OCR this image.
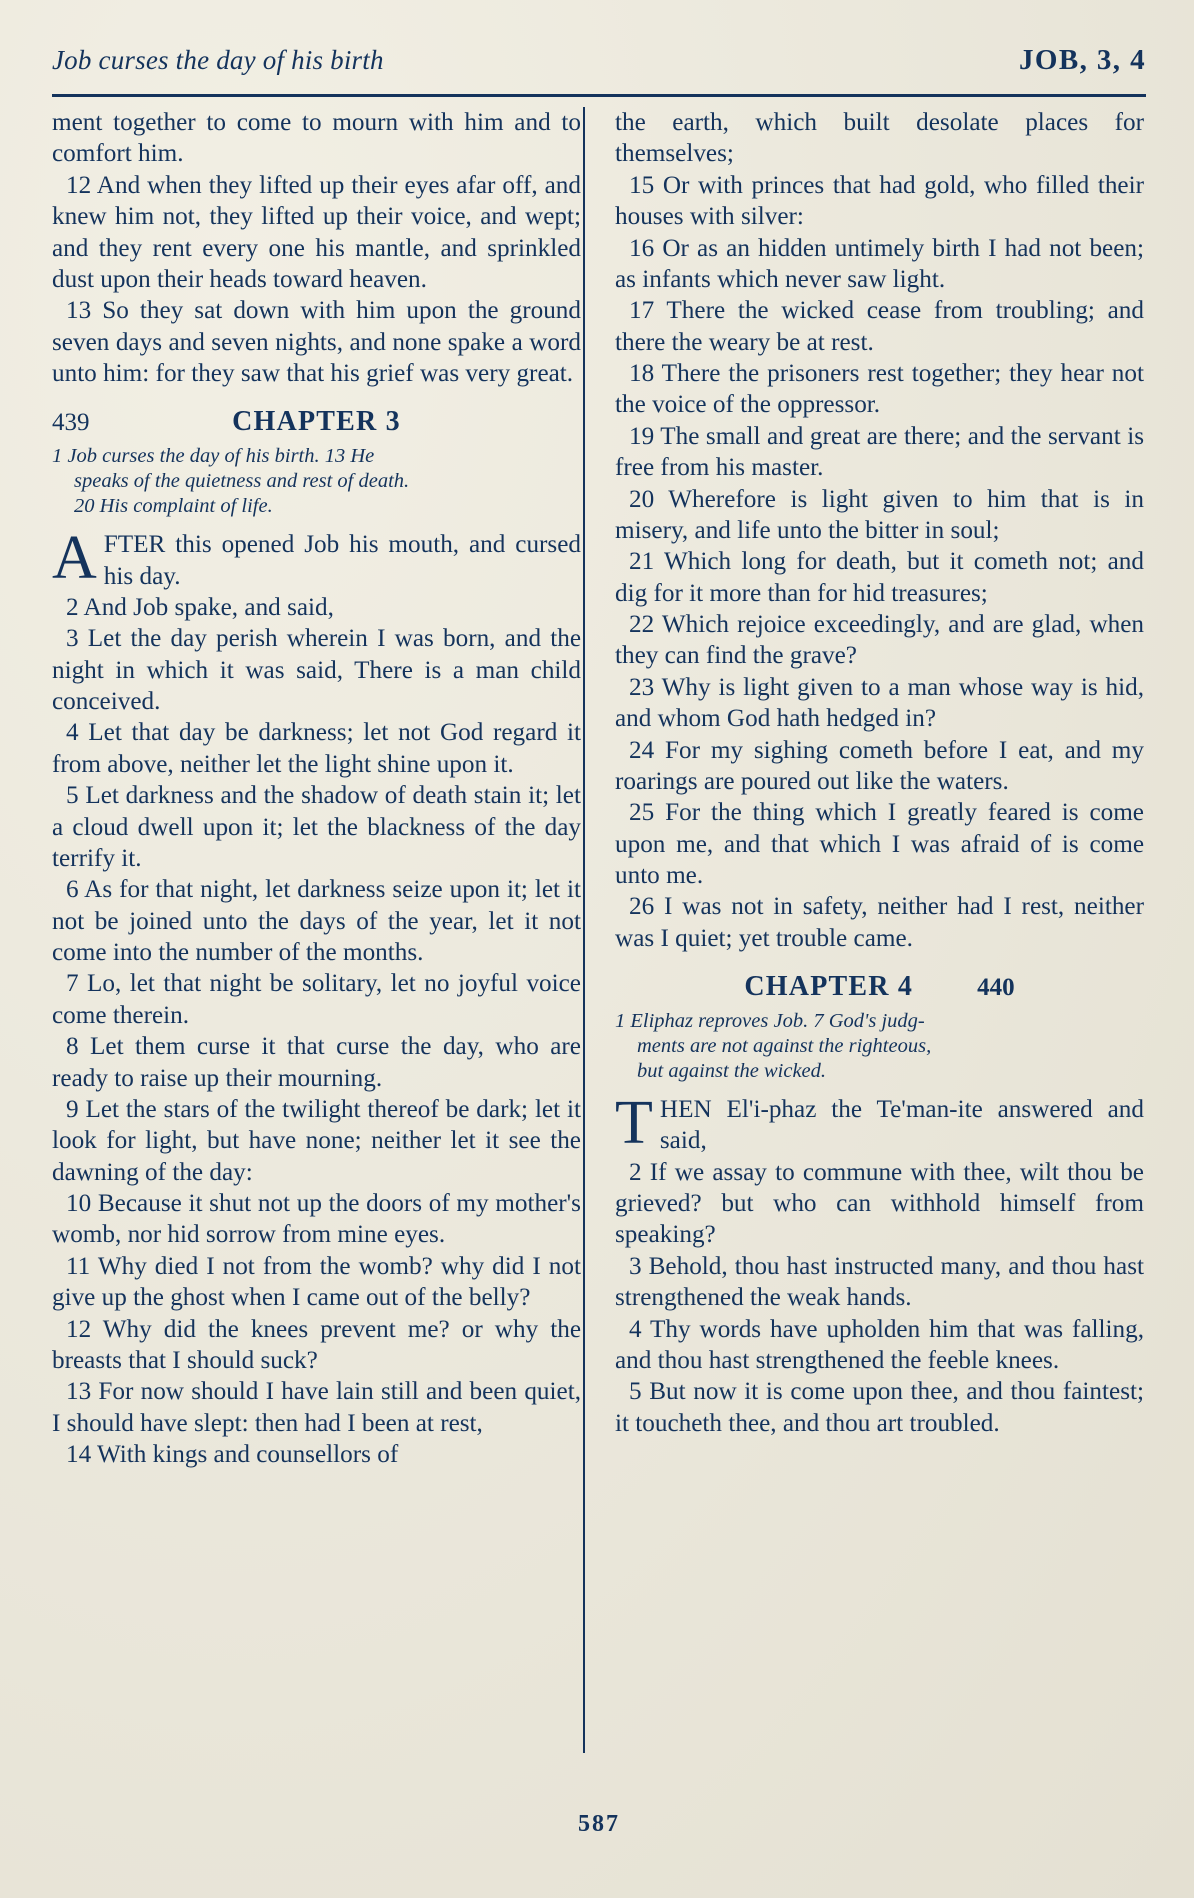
Job curses the day of his birth	JOB, 3, 4

ment together to come to mourn with him and to comfort him.

12 And when they lifted up their eyes afar off, and knew him not, they lifted up their voice, and wept; and they rent every one his mantle, and sprinkled dust upon their heads toward heaven.

13 So they sat down with him upon the ground seven days and seven nights, and none spake a word unto him: for they saw that his grief was very great.

439	CHAPTER 3
1 Job curses the day of his birth. 13 He
speaks of the quietness and rest of death.
20 His complaint of life.
A FTER this opened Job his mouth, and cursed his day.

2 And Job spake, and said,

3 Let the day perish wherein I was born, and the night in which it was said, There is a man child conceived.

4 Let that day be darkness; let not God regard it from above, neither let the light shine upon it.

5 Let darkness and the shadow of death stain it; let a cloud dwell upon it; let the blackness of the day terrify it.

6 As for that night, let darkness seize upon it; let it not be joined unto the days of the year, let it not come into the number of the months.

7 Lo, let that night be solitary, let no joyful voice come therein.

8 Let them curse it that curse the day, who are ready to raise up their mourning.

9 Let the stars of the twilight thereof be dark; let it look for light, but have none; neither let it see the dawning of the day:

10 Because it shut not up the doors of my mother's womb, nor hid sorrow from mine eyes.

11 Why died I not from the womb? why did I not give up the ghost when I came out of the belly?

12 Why did the knees prevent me? or why the breasts that I should suck?

13 For now should I have lain still and been quiet, I should have slept: then had I been at rest,

14 With kings and counsellors of

the earth, which built desolate places for themselves;

15 Or with princes that had gold, who filled their houses with silver:

16 Or as an hidden untimely birth I had not been; as infants which never saw light.

17 There the wicked cease from troubling; and there the weary be at rest.

18 There the prisoners rest together; they hear not the voice of the oppressor.

19 The small and great are there; and the servant is free from his master.

20 Wherefore is light given to him that is in misery, and life unto the bitter in soul;

21 Which long for death, but it cometh not; and dig for it more than for hid treasures;

22 Which rejoice exceedingly, and are glad, when they can find the grave?

23 Why is light given to a man whose way is hid, and whom God hath hedged in?

24 For my sighing cometh before I eat, and my roarings are poured out like the waters.

25 For the thing which I greatly feared is come upon me, and that which I was afraid of is come unto me.

26 I was not in safety, neither had I rest, neither was I quiet; yet trouble came.

CHAPTER 4	440
1 Eliphaz reproves Job. 7 God's judg-
ments are not against the righteous,
but against the wicked.
T HEN El'i-phaz the Te'man-ite answered and said,

2 If we assay to commune with thee, wilt thou be grieved? but who can withhold himself from speaking?

3 Behold, thou hast instructed many, and thou hast strengthened the weak hands.

4 Thy words have upholden him that was falling, and thou hast strengthened the feeble knees.

5 But now it is come upon thee, and thou faintest; it toucheth thee, and thou art troubled.

587
